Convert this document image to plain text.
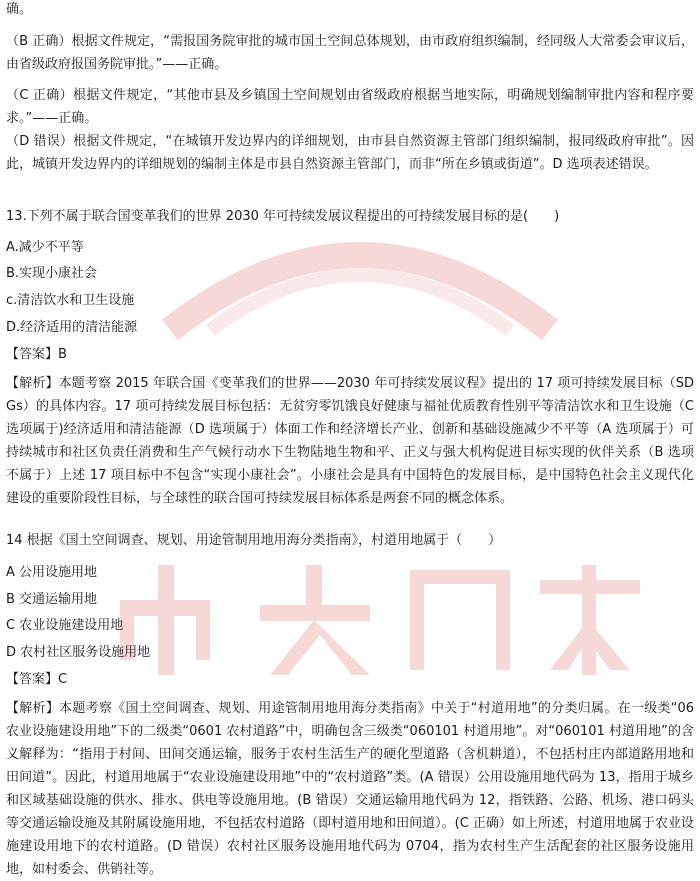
确。

（B 正确）根据文件规定，“需报国务院审批的城市国土空间总体规划，由市政府组织编制，经同级人大常委会审议后，由省级政府报国务院审批。”——正确。

（C 正确）根据文件规定，“其他市县及乡镇国土空间规划由省级政府根据当地实际，明确规划编制审批内容和程序要求。”——正确。

（D 错误）根据文件规定，“在城镇开发边界内的详细规划，由市县自然资源主管部门组织编制，报同级政府审批”。因此，城镇开发边界内的详细规划的编制主体是市县自然资源主管部门，而非“所在乡镇或街道”。D 选项表述错误。

13.下列不属于联合国变革我们的世界 2030 年可持续发展议程提出的可持续发展目标的是(　　)

A.减少不平等

B.实现小康社会

c.清洁饮水和卫生设施

D.经济适用的清洁能源

【答案】B

【解析】本题考察 2015 年联合国《变革我们的世界——2030 年可持续发展议程》提出的 17 项可持续发展目标（SDGs）的具体内容。17 项可持续发展目标包括：无贫穷零饥饿良好健康与福祉优质教育性别平等清洁饮水和卫生设施（C 选项属于)经济适用和清洁能源（D 选项属于）体面工作和经济增长产业、创新和基础设施减少不平等（A 选项属于）可持续城市和社区负责任消费和生产气候行动水下生物陆地生物和平、正义与强大机构促进目标实现的伙伴关系（B 选项不属于）上述 17 项目标中不包含“实现小康社会”。小康社会是具有中国特色的发展目标，是中国特色社会主义现代化建设的重要阶段性目标，与全球性的联合国可持续发展目标体系是两套不同的概念体系。

14 根据《国土空间调查、规划、用途管制用地用海分类指南》，村道用地属于（　　）

A 公用设施用地

B 交通运输用地

C 农业设施建设用地

D 农村社区服务设施用地

【答案】C

【解析】本题考察《国土空间调查、规划、用途管制用地用海分类指南》中关于“村道用地”的分类归属。在一级类“06 农业设施建设用地”下的二级类“0601 农村道路”中，明确包含三级类“060101 村道用地”。对“060101 村道用地”的含义解释为：“指用于村间、田间交通运输，服务于农村生活生产的硬化型道路（含机耕道），不包括村庄内部道路用地和田间道”。因此，村道用地属于“农业设施建设用地”中的“农村道路”类。(A 错误）公用设施用地代码为 13，指用于城乡和区域基础设施的供水、排水、供电等设施用地。(B 错误）交通运输用地代码为 12，指铁路、公路、机场、港口码头等交通运输设施及其附属设施用地，不包括农村道路（即村道用地和田间道）。(C 正确）如上所述，村道用地属于农业设施建设用地下的农村道路。(D 错误）农村社区服务设施用地代码为 0704，指为农村生产生活配套的社区服务设施用地，如村委会、供销社等。
